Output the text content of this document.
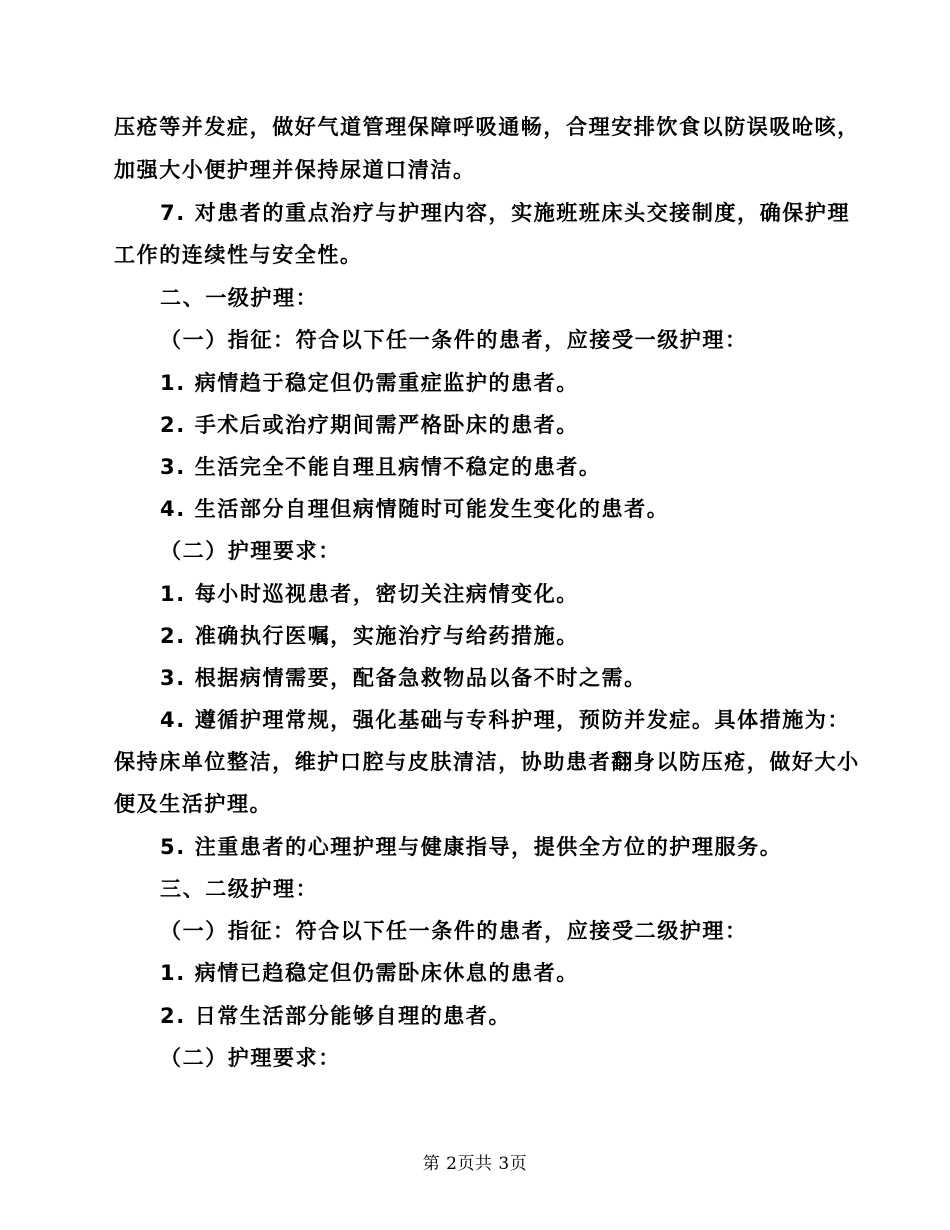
压疮等并发症，做好气道管理保障呼吸通畅，合理安排饮食以防误吸呛咳，
加强大小便护理并保持尿道口清洁。
7. 对患者的重点治疗与护理内容，实施班班床头交接制度，确保护理
工作的连续性与安全性。
二、一级护理：
（一）指征：符合以下任一条件的患者，应接受一级护理：
1. 病情趋于稳定但仍需重症监护的患者。
2. 手术后或治疗期间需严格卧床的患者。
3. 生活完全不能自理且病情不稳定的患者。
4. 生活部分自理但病情随时可能发生变化的患者。
（二）护理要求：
1. 每小时巡视患者，密切关注病情变化。
2. 准确执行医嘱，实施治疗与给药措施。
3. 根据病情需要，配备急救物品以备不时之需。
4. 遵循护理常规，强化基础与专科护理，预防并发症。具体措施为：
保持床单位整洁，维护口腔与皮肤清洁，协助患者翻身以防压疮，做好大小
便及生活护理。
5. 注重患者的心理护理与健康指导，提供全方位的护理服务。
三、二级护理：
（一）指征：符合以下任一条件的患者，应接受二级护理：
1. 病情已趋稳定但仍需卧床休息的患者。
2. 日常生活部分能够自理的患者。
（二）护理要求：
第 2页共 3页
